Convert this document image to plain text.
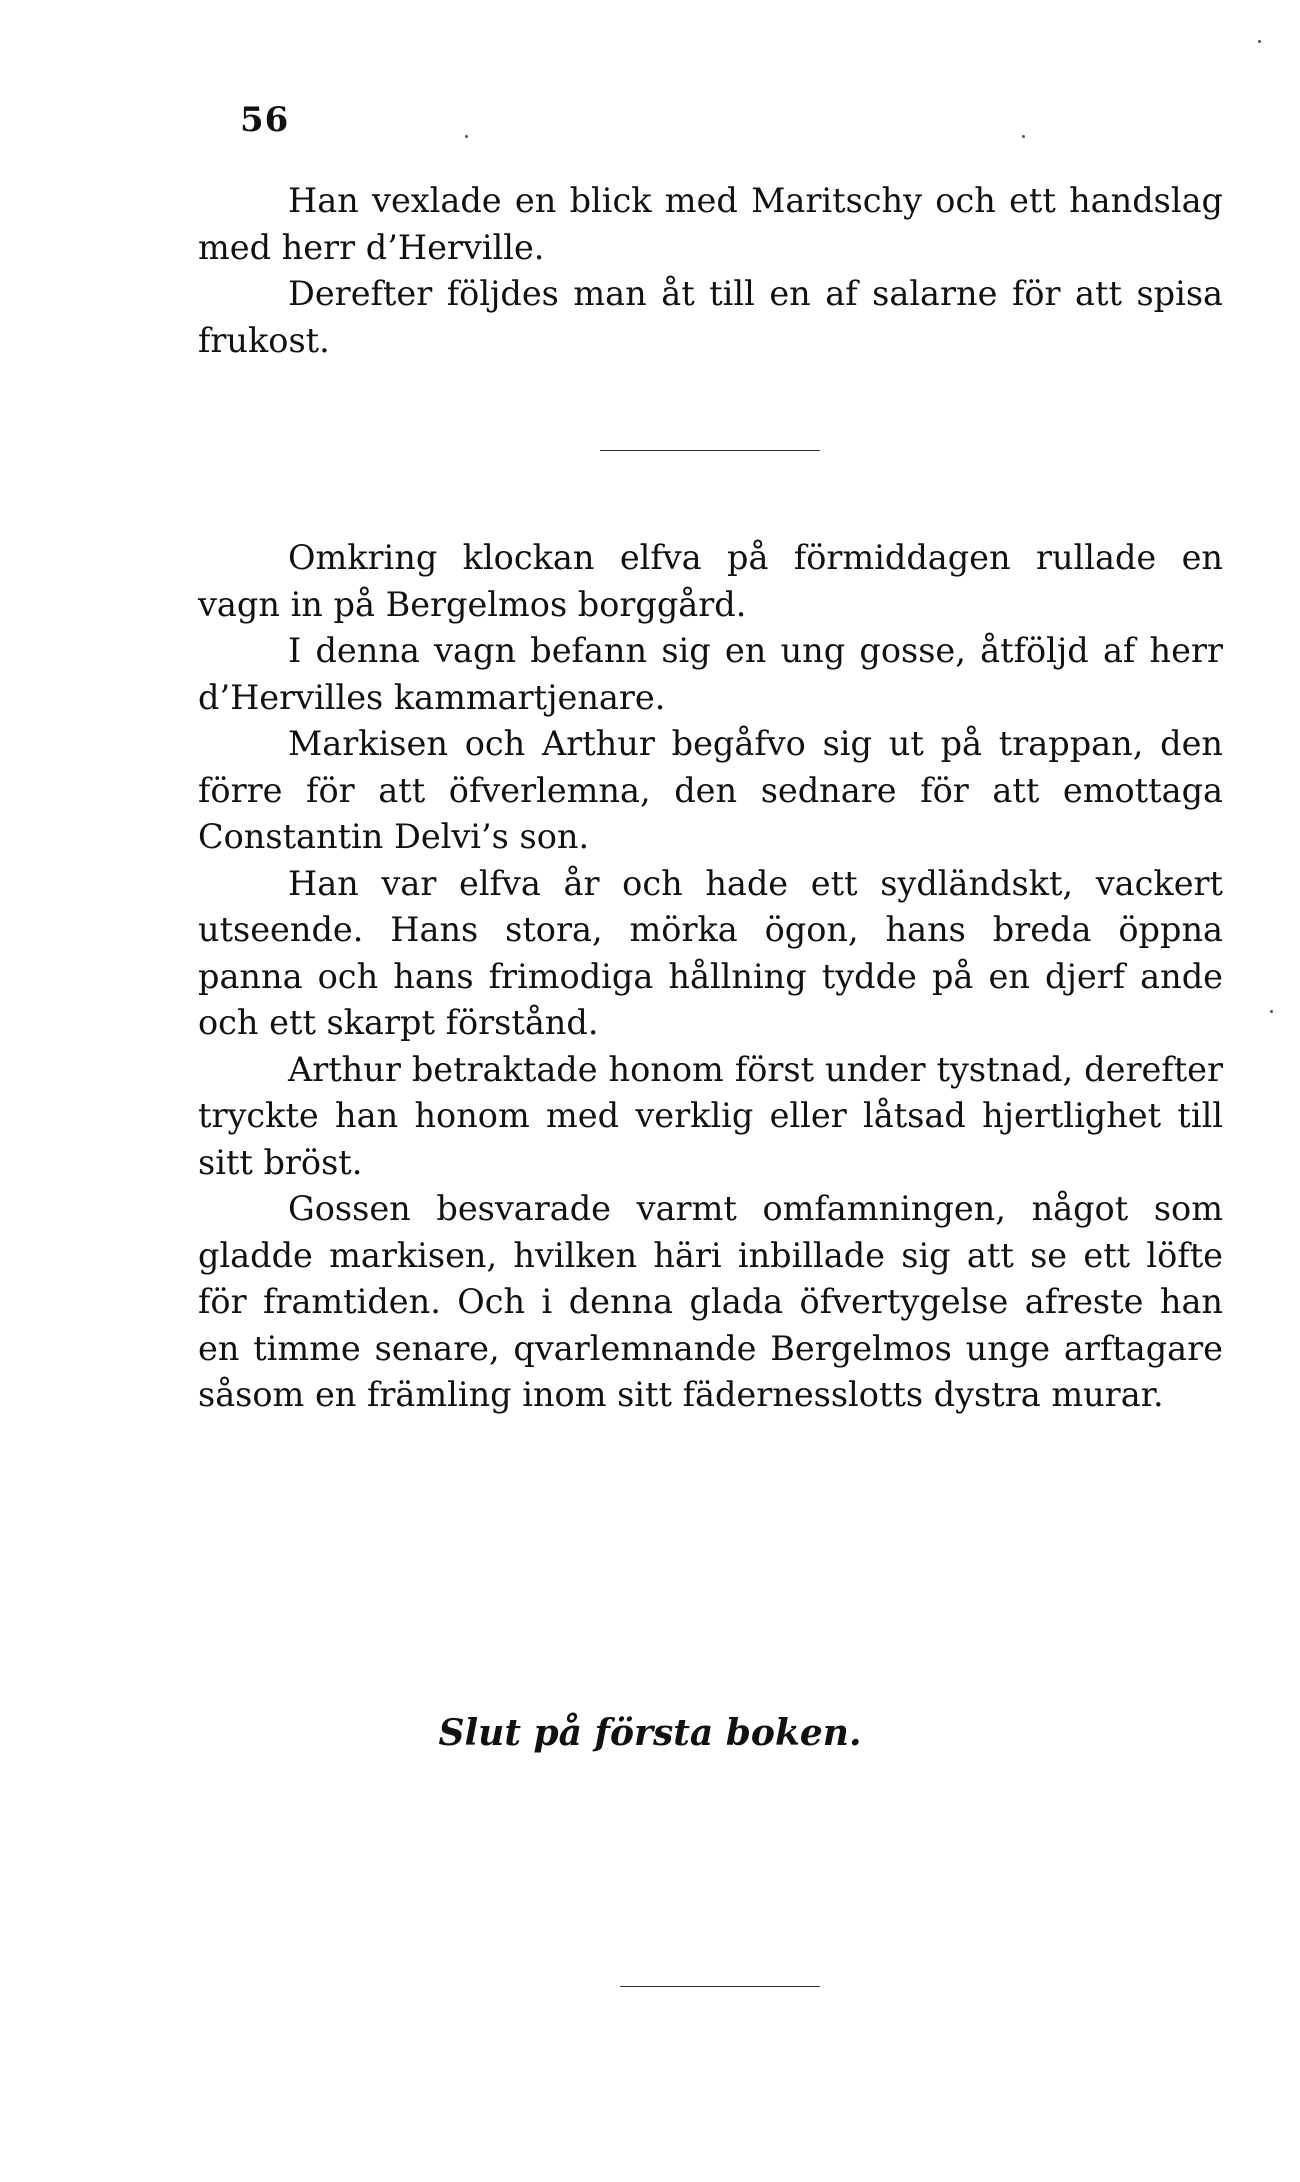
56

Han vexlade en blick med Maritschy och ett handslag med herr d’Herville.

Derefter följdes man åt till en af salarne för att spisa frukost.

Omkring klockan elfva på förmiddagen rullade en vagn in på Bergelmos borggård.

I denna vagn befann sig en ung gosse, åtföljd af herr d’Hervilles kammartjenare.

Markisen och Arthur begåfvo sig ut på trappan, den förre för att öfverlemna, den sednare för att emottaga Constantin Delvi’s son.

Han var elfva år och hade ett sydländskt, vackert utseende. Hans stora, mörka ögon, hans breda öppna panna och hans frimodiga hållning tydde på en djerf ande och ett skarpt förstånd.

Arthur betraktade honom först under tystnad, derefter tryckte han honom med verklig eller låtsad hjertlighet till sitt bröst.

Gossen besvarade varmt omfamningen, något som gladde markisen, hvilken häri inbillade sig att se ett löfte för framtiden. Och i denna glada öfvertygelse afreste han en timme senare, qvarlemnande Bergelmos unge arftagare såsom en främling inom sitt fädernesslotts dystra murar.

Slut på första boken.
